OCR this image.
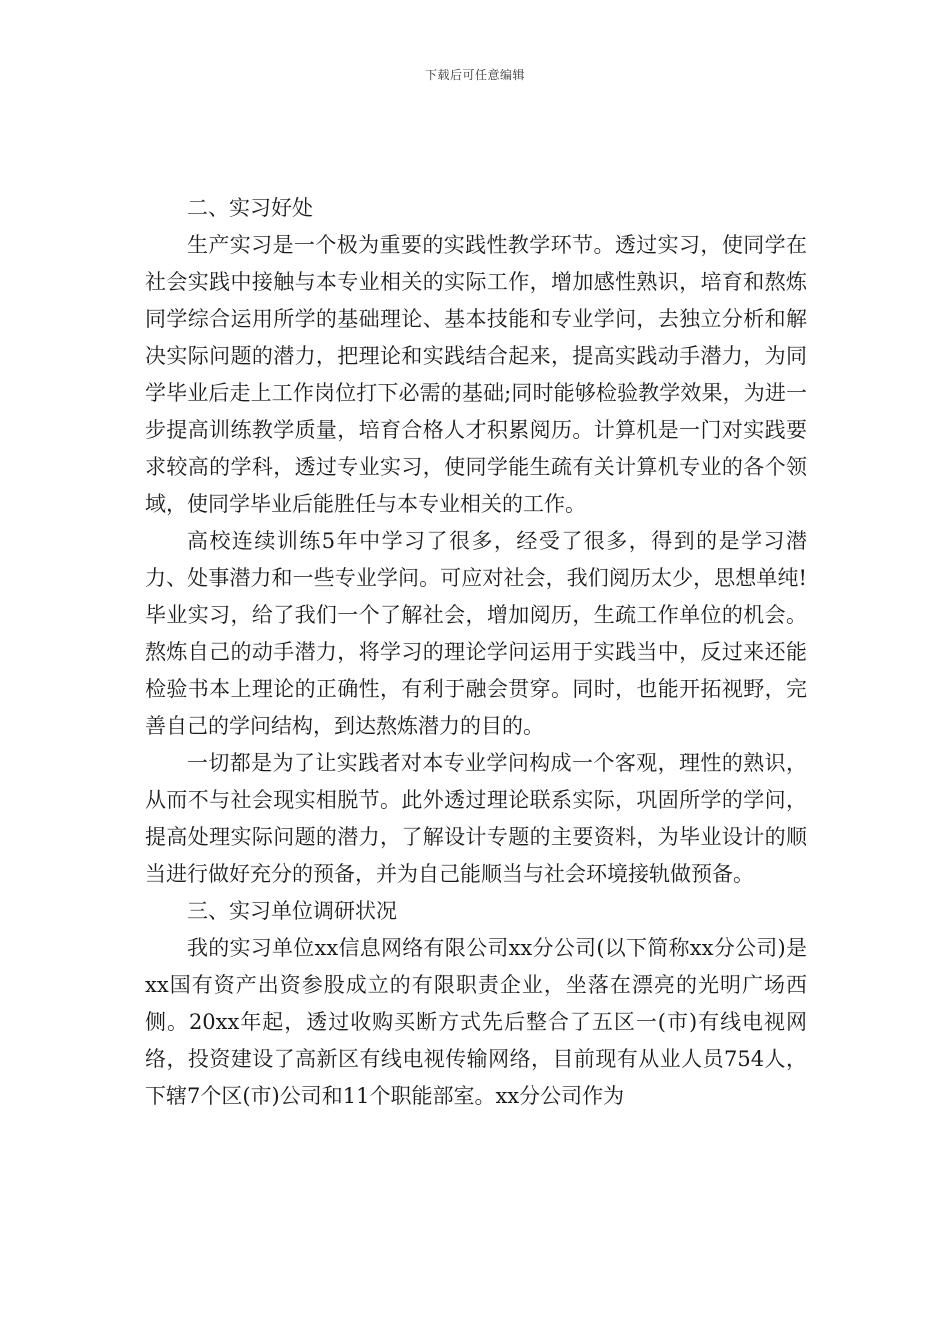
下载后可任意编辑

二、实习好处

生产实习是一个极为重要的实践性教学环节。透过实习，使同学在社会实践中接触与本专业相关的实际工作，增加感性熟识，培育和熬炼同学综合运用所学的基础理论、基本技能和专业学问，去独立分析和解决实际问题的潜力，把理论和实践结合起来，提高实践动手潜力，为同学毕业后走上工作岗位打下必需的基础;同时能够检验教学效果，为进一步提高训练教学质量，培育合格人才积累阅历。计算机是一门对实践要求较高的学科，透过专业实习，使同学能生疏有关计算机专业的各个领域，使同学毕业后能胜任与本专业相关的工作。

高校连续训练5年中学习了很多，经受了很多，得到的是学习潜力、处事潜力和一些专业学问。可应对社会，我们阅历太少，思想单纯!毕业实习，给了我们一个了解社会，增加阅历，生疏工作单位的机会。熬炼自己的动手潜力，将学习的理论学问运用于实践当中，反过来还能检验书本上理论的正确性，有利于融会贯穿。同时，也能开拓视野，完善自己的学问结构，到达熬炼潜力的目的。

一切都是为了让实践者对本专业学问构成一个客观，理性的熟识，从而不与社会现实相脱节。此外透过理论联系实际，巩固所学的学问，提高处理实际问题的潜力，了解设计专题的主要资料，为毕业设计的顺当进行做好充分的预备，并为自己能顺当与社会环境接轨做预备。

三、实习单位调研状况

我的实习单位xx信息网络有限公司xx分公司(以下简称xx分公司)是xx国有资产出资参股成立的有限职责企业，坐落在漂亮的光明广场西侧。20xx年起，透过收购买断方式先后整合了五区一(市)有线电视网络，投资建设了高新区有线电视传输网络，目前现有从业人员754人，下辖7个区(市)公司和11个职能部室。xx分公司作为
